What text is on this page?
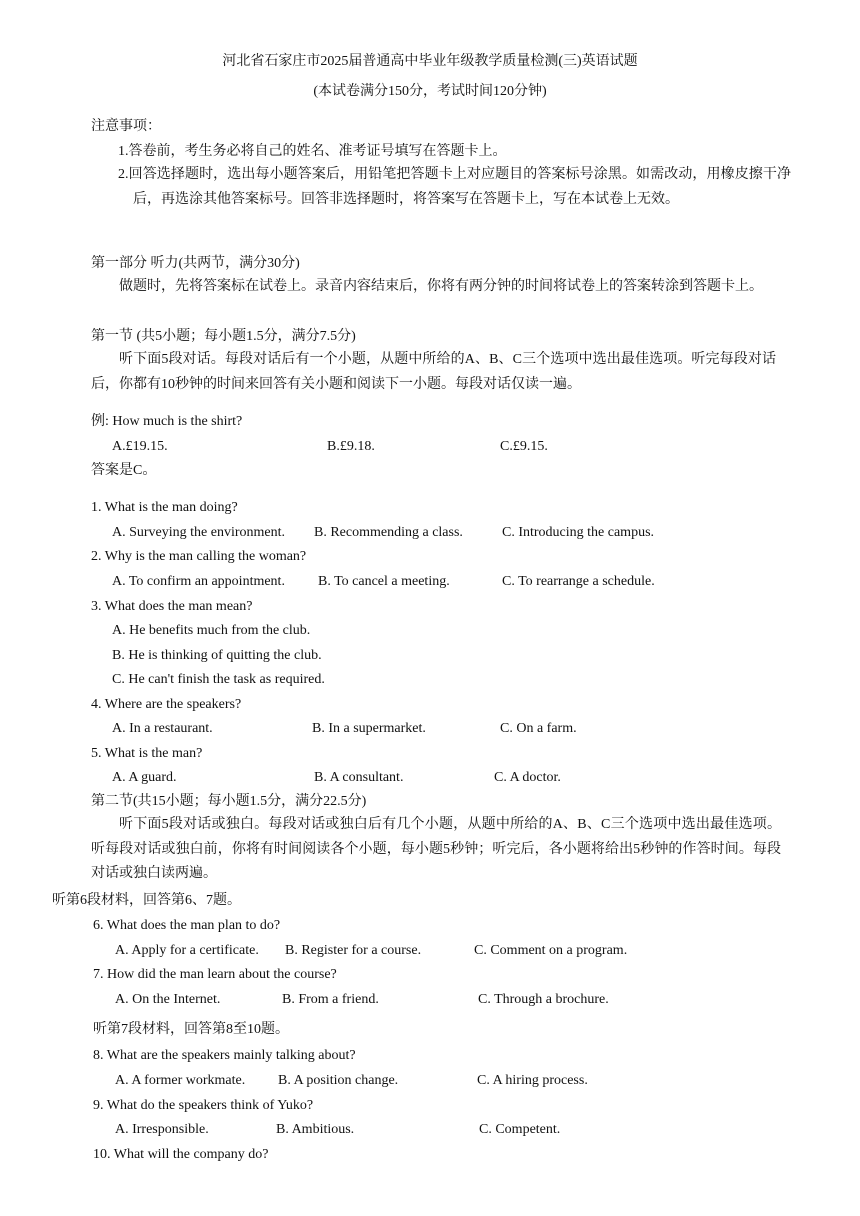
河北省石家庄市2025届普通高中毕业年级教学质量检测(三)英语试题
(本试卷满分150分，考试时间120分钟)
注意事项：
1.答卷前，考生务必将自己的姓名、准考证号填写在答题卡上。
2.回答选择题时，选出每小题答案后，用铅笔把答题卡上对应题目的答案标号涂黑。如需改动，用橡皮擦干净后，再选涂其他答案标号。回答非选择题时，将答案写在答题卡上，写在本试卷上无效。
第一部分 听力(共两节，满分30分)
做题时，先将答案标在试卷上。录音内容结束后，你将有两分钟的时间将试卷上的答案转涂到答题卡上。
第一节 (共5小题；每小题1.5分，满分7.5分)
听下面5段对话。每段对话后有一个小题，从题中所给的A、B、C三个选项中选出最佳选项。听完每段对话后，你都有10秒钟的时间来回答有关小题和阅读下一小题。每段对话仅读一遍。
例: How much is the shirt?
A.£19.15.	B.£9.18.	C.£9.15.
答案是C。
1. What is the man doing?
A. Surveying the environment. B. Recommending a class.	C. Introducing the campus.
2. Why is the man calling the woman?
A. To confirm an appointment. B. To cancel a meeting.	C. To rearrange a schedule.
3. What does the man mean?
A. He benefits much from the club.
B. He is thinking of quitting the club.
C. He can't finish the task as required.
4. Where are the speakers?
A. In a restaurant.	B. In a supermarket.	C. On a farm.
5. What is the man?
A. A guard.	B. A consultant.	C. A doctor.
第二节(共15小题；每小题1.5分，满分22.5分)
听下面5段对话或独白。每段对话或独白后有几个小题，从题中所给的A、B、C三个选项中选出最佳选项。听每段对话或独白前，你将有时间阅读各个小题，每小题5秒钟；听完后，各小题将给出5秒钟的作答时间。每段对话或独白读两遍。
听第6段材料，回答第6、7题。
6. What does the man plan to do?
A. Apply for a certificate. B. Register for a course.	C. Comment on a program.
7. How did the man learn about the course?
A. On the Internet.	B. From a friend.	C. Through a brochure.
听第7段材料，回答第8至10题。
8. What are the speakers mainly talking about?
A. A former workmate. B. A position change.	C. A hiring process.
9. What do the speakers think of Yuko?
A. Irresponsible.	B. Ambitious.	C. Competent.
10. What will the company do?
